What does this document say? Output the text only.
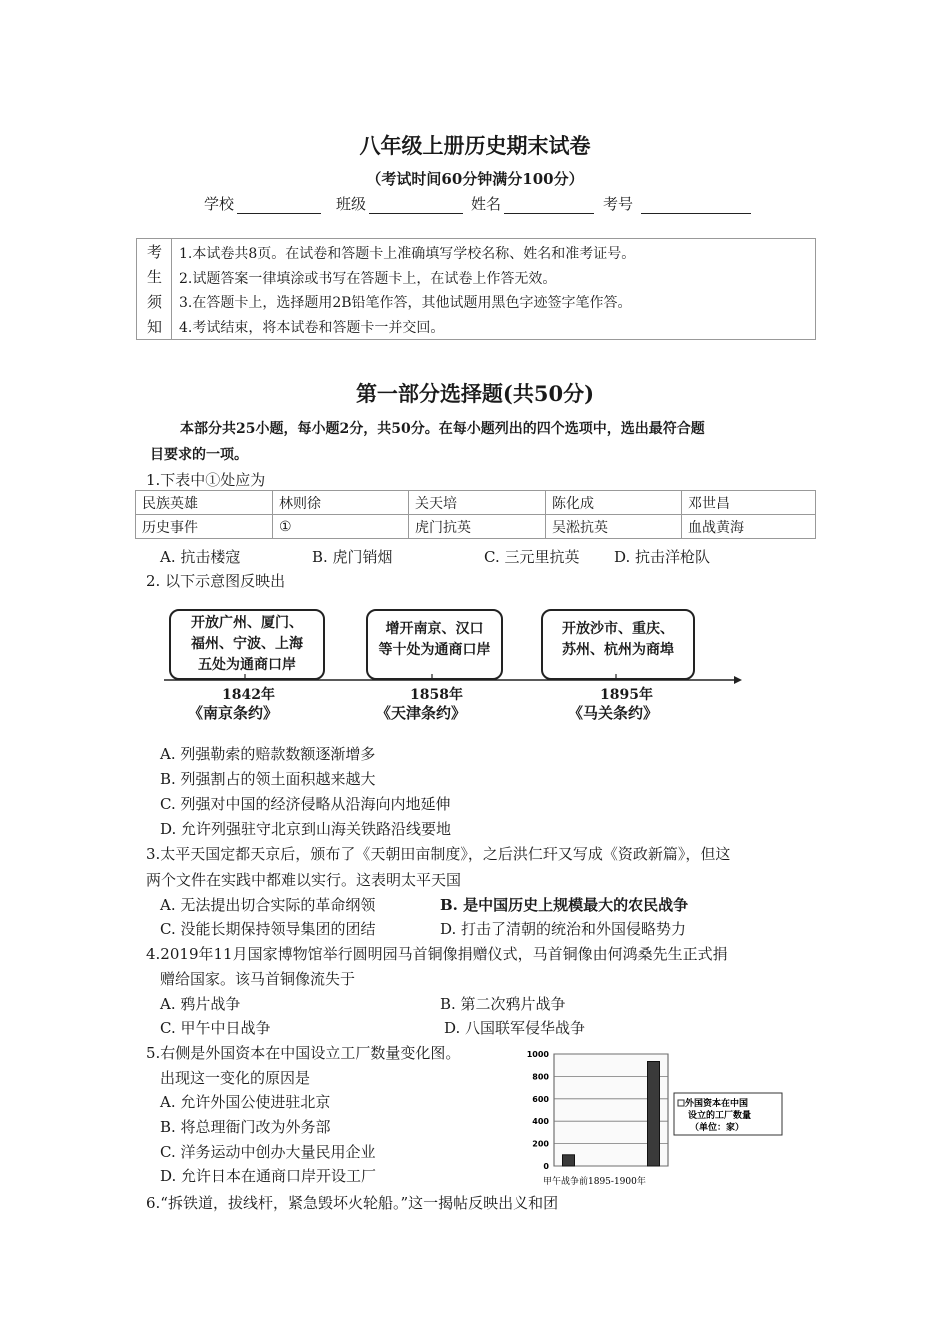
八年级上册历史期末试卷
（考试时间60分钟满分100分）
学校	班级	姓名	考号
考
生
须
知
1.本试卷共8页。在试卷和答题卡上准确填写学校名称、姓名和准考证号。
2.试题答案一律填涂或书写在答题卡上，在试卷上作答无效。
3.在答题卡上，选择题用2B铅笔作答，其他试题用黑色字迹签字笔作答。
4.考试结束，将本试卷和答题卡一并交回。
第一部分选择题(共50分)
本部分共25小题，每小题2分，共50分。在每小题列出的四个选项中，选出最符合题
目要求的一项。
1.下表中①处应为
民族英雄	林则徐	关天培	陈化成	邓世昌
历史事件	①	虎门抗英	吴淞抗英	血战黄海
A. 抗击楼寇	B. 虎门销烟	C. 三元里抗英 D. 抗击洋枪队
2. 以下示意图反映出
开放广州、厦门、
福州、宁波、上海
五处为通商口岸
增开南京、汉口
等十处为通商口岸
开放沙市、重庆、
苏州、杭州为商埠
1842年
《南京条约》
1858年
《天津条约》
1895年
《马关条约》
A. 列强勒索的赔款数额逐渐增多
B. 列强割占的领土面积越来越大
C. 列强对中国的经济侵略从沿海向内地延伸
D. 允许列强驻守北京到山海关铁路沿线要地
3.太平天国定都天京后，颁布了《天朝田亩制度》，之后洪仁玕又写成《资政新篇》，但这
两个文件在实践中都难以实行。这表明太平天国
A. 无法提出切合实际的革命纲领	B. 是中国历史上规模最大的农民战争
C. 没能长期保持领导集团的团结	D. 打击了清朝的统治和外国侵略势力
4.2019年11月国家博物馆举行圆明园马首铜像捐赠仪式，马首铜像由何鸿桑先生正式捐
赠给国家。该马首铜像流失于
A. 鸦片战争	B. 第二次鸦片战争
C. 甲午中日战争	D. 八国联军侵华战争
5.右侧是外国资本在中国设立工厂数量变化图。
出现这一变化的原因是
A. 允许外国公使进驻北京
B. 将总理衙门改为外务部
C. 洋务运动中创办大量民用企业
D. 允许日本在通商口岸开设工厂
0
200
400
600
800
1000
外国资本在中国
设立的工厂数量
（单位：家）
甲午战争前1895-1900年
6.“拆铁道，拔线杆，紧急毁坏火轮船。”这一揭帖反映出义和团
